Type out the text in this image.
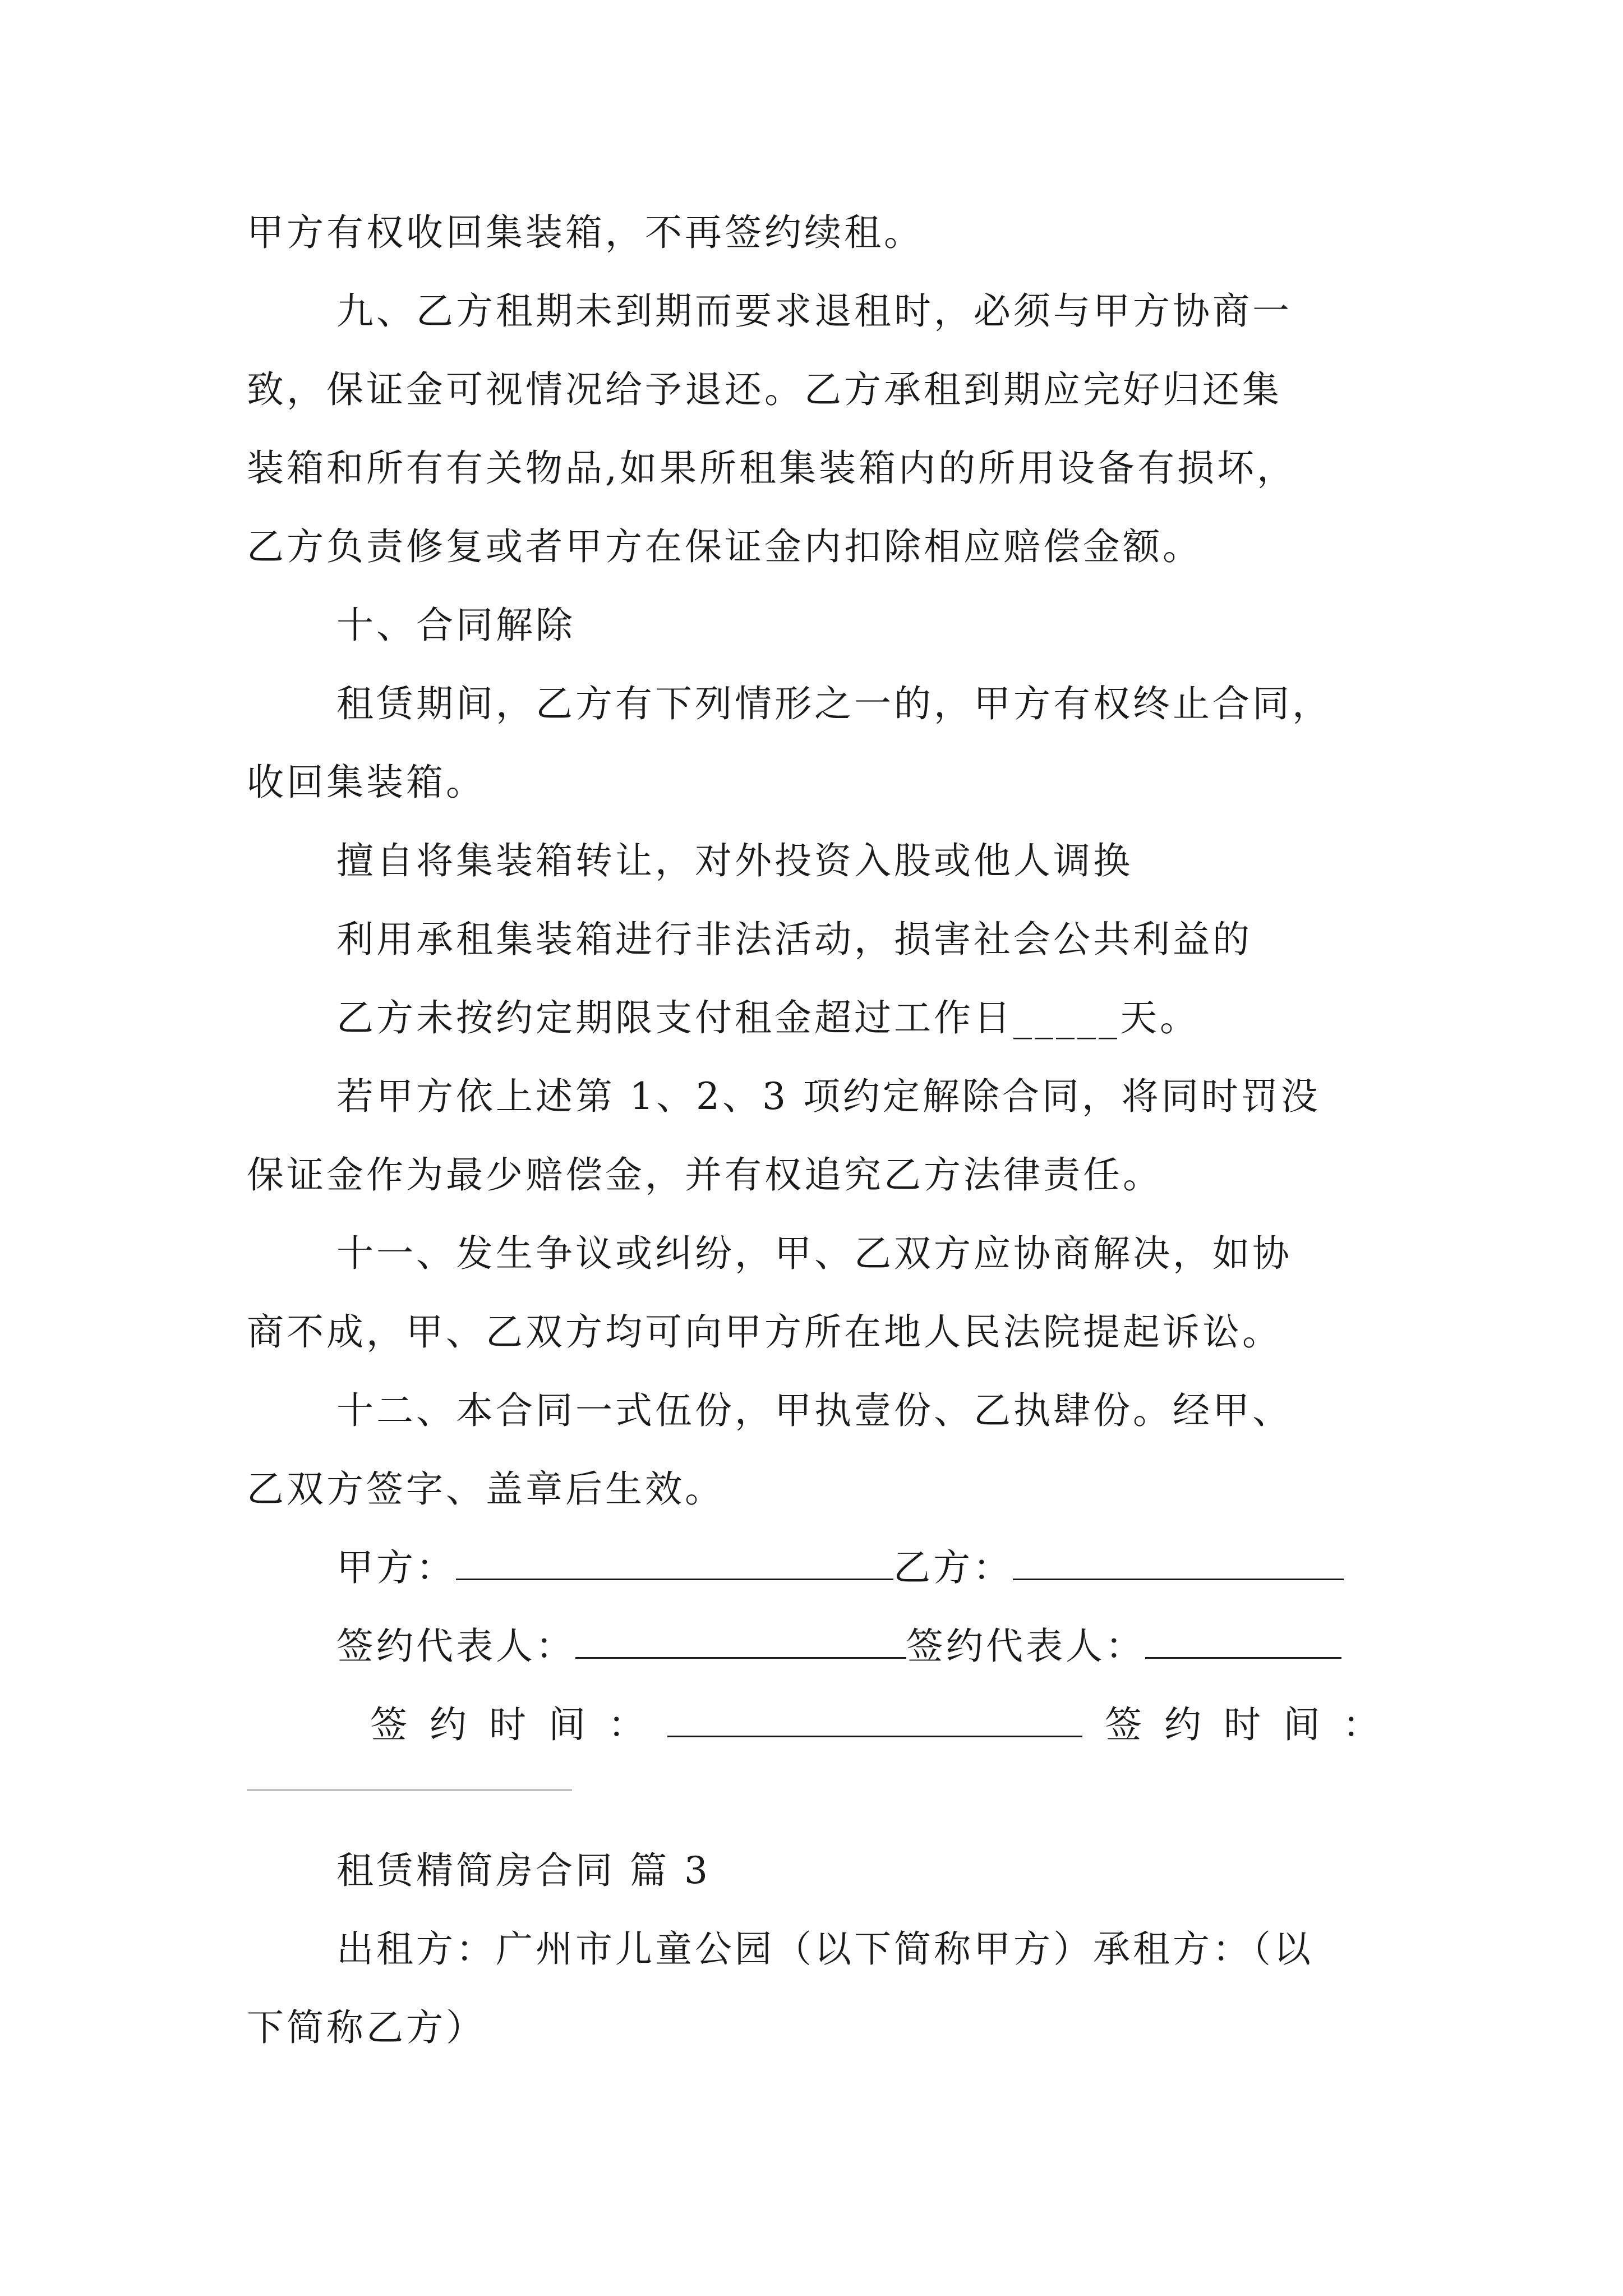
甲方有权收回集装箱，不再签约续租。
九、乙方租期未到期而要求退租时，必须与甲方协商一
致，保证金可视情况给予退还。乙方承租到期应完好归还集
装箱和所有有关物品,如果所租集装箱内的所用设备有损坏，
乙方负责修复或者甲方在保证金内扣除相应赔偿金额。
十、合同解除
租赁期间，乙方有下列情形之一的，甲方有权终止合同，
收回集装箱。
擅自将集装箱转让，对外投资入股或他人调换
利用承租集装箱进行非法活动，损害社会公共利益的
乙方未按约定期限支付租金超过工作日_____天。
若甲方依上述第 1、2、3 项约定解除合同，将同时罚没
保证金作为最少赔偿金，并有权追究乙方法律责任。
十一、发生争议或纠纷，甲、乙双方应协商解决，如协
商不成，甲、乙双方均可向甲方所在地人民法院提起诉讼。
十二、本合同一式伍份，甲执壹份、乙执肆份。经甲、
乙双方签字、盖章后生效。
甲方：	乙方：
签约代表人：	签约代表人：
签约时间：	签约时间：
租赁精简房合同 篇 3
出租方：广州市儿童公园（以下简称甲方）承租方：（以
下简称乙方）
